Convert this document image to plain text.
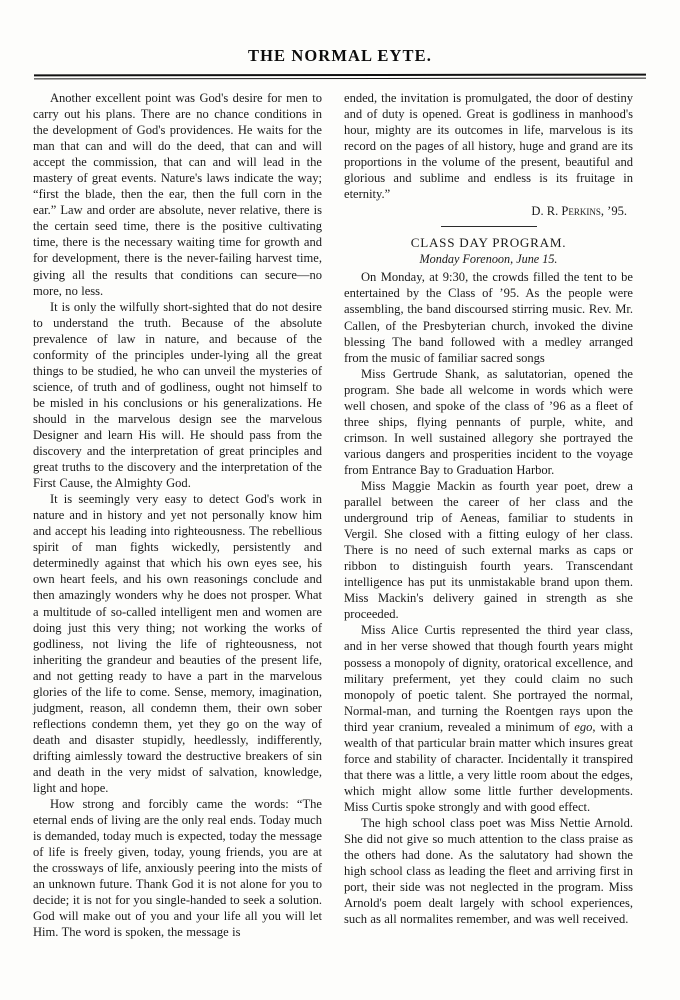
THE NORMAL EYTE.

Another excellent point was God's desire for men to carry out his plans. There are no chance conditions in the development of God's providences. He waits for the man that can and will do the deed, that can and will accept the commission, that can and will lead in the mastery of great events. Nature's laws indicate the way; “first the blade, then the ear, then the full corn in the ear.” Law and order are absolute, never relative, there is the certain seed time, there is the positive cultivating time, there is the necessary waiting time for growth and for development, there is the never-failing harvest time, giving all the results that conditions can secure—no more, no less.

It is only the wilfully short-sighted that do not desire to understand the truth. Because of the absolute prevalence of law in nature, and because of the conformity of the principles under-lying all the great things to be studied, he who can unveil the mysteries of science, of truth and of godliness, ought not himself to be misled in his conclusions or his generalizations. He should in the marvelous design see the marvelous Designer and learn His will. He should pass from the discovery and the interpretation of great principles and great truths to the discovery and the interpretation of the First Cause, the Almighty God.

It is seemingly very easy to detect God's work in nature and in history and yet not personally know him and accept his leading into righteousness. The rebellious spirit of man fights wickedly, persistently and determinedly against that which his own eyes see, his own heart feels, and his own reasonings conclude and then amazingly wonders why he does not prosper. What a multitude of so-called intelligent men and women are doing just this very thing; not working the works of godliness, not living the life of righteousness, not inheriting the grandeur and beauties of the present life, and not getting ready to have a part in the marvelous glories of the life to come. Sense, memory, imagination, judgment, reason, all condemn them, their own sober reflections condemn them, yet they go on the way of death and disaster stupidly, heedlessly, indifferently, drifting aimlessly toward the destructive breakers of sin and death in the very midst of salvation, knowledge, light and hope.

How strong and forcibly came the words: “The eternal ends of living are the only real ends. Today much is demanded, today much is expected, today the message of life is freely given, today, young friends, you are at the crossways of life, anxiously peering into the mists of an unknown future. Thank God it is not alone for you to decide; it is not for you single-handed to seek a solution. God will make out of you and your life all you will let Him. The word is spoken, the message is

ended, the invitation is promulgated, the door of destiny and of duty is opened. Great is godliness in manhood's hour, mighty are its outcomes in life, marvelous is its record on the pages of all history, huge and grand are its proportions in the volume of the present, beautiful and glorious and sublime and endless is its fruitage in eternity.”

D. R. Perkins, ’95.

CLASS DAY PROGRAM.
Monday Forenoon, June 15.

On Monday, at 9:30, the crowds filled the tent to be entertained by the Class of ’95. As the people were assembling, the band discoursed stirring music. Rev. Mr. Callen, of the Presbyterian church, invoked the divine blessing The band followed with a medley arranged from the music of familiar sacred songs

Miss Gertrude Shank, as salutatorian, opened the program. She bade all welcome in words which were well chosen, and spoke of the class of ’96 as a fleet of three ships, flying pennants of purple, white, and crimson. In well sustained allegory she portrayed the various dangers and prosperities incident to the voyage from Entrance Bay to Graduation Harbor.

Miss Maggie Mackin as fourth year poet, drew a parallel between the career of her class and the underground trip of Aeneas, familiar to students in Vergil. She closed with a fitting eulogy of her class. There is no need of such external marks as caps or ribbon to distinguish fourth years. Transcendant intelligence has put its unmistakable brand upon them. Miss Mackin's delivery gained in strength as she proceeded.

Miss Alice Curtis represented the third year class, and in her verse showed that though fourth years might possess a monopoly of dignity, oratorical excellence, and military preferment, yet they could claim no such monopoly of poetic talent. She portrayed the normal, Normal-man, and turning the Roentgen rays upon the third year cranium, revealed a minimum of ego, with a wealth of that particular brain matter which insures great force and stability of character. Incidentally it transpired that there was a little, a very little room about the edges, which might allow some little further developments. Miss Curtis spoke strongly and with good effect.

The high school class poet was Miss Nettie Arnold. She did not give so much attention to the class praise as the others had done. As the salutatory had shown the high school class as leading the fleet and arriving first in port, their side was not neglected in the program. Miss Arnold's poem dealt largely with school experiences, such as all normalites remember, and was well received.
